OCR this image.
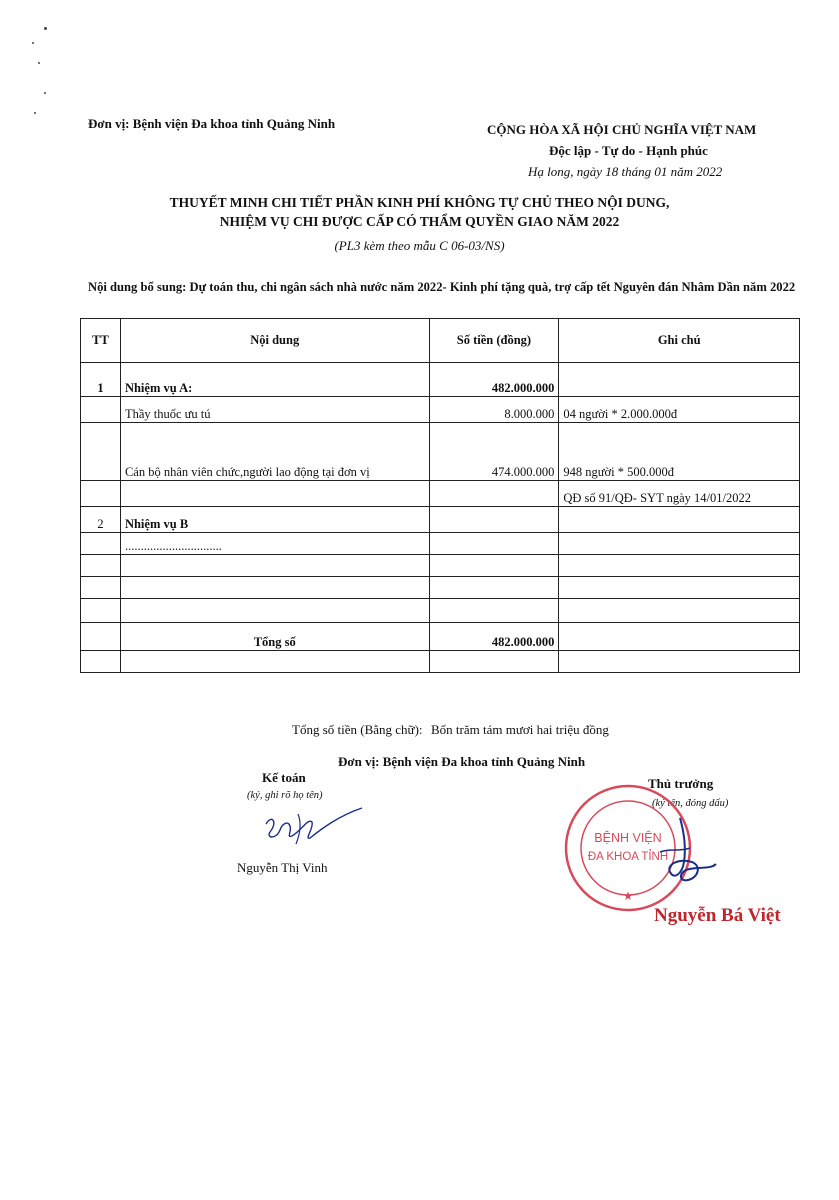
Đơn vị: Bệnh viện Đa khoa tỉnh Quảng Ninh	CỘNG HÒA XÃ HỘI CHỦ NGHĨA VIỆT NAM
Độc lập - Tự do - Hạnh phúc
Hạ long, ngày 18 tháng 01 năm 2022
THUYẾT MINH CHI TIẾT PHẦN KINH PHÍ KHÔNG TỰ CHỦ THEO NỘI DUNG,
NHIỆM VỤ CHI ĐƯỢC CẤP CÓ THẨM QUYỀN GIAO NĂM 2022
(PL3 kèm theo mẫu C 06-03/NS)
Nội dung bổ sung: Dự toán thu, chi ngân sách nhà nước năm 2022- Kinh phí tặng quà, trợ cấp tết Nguyên đán Nhâm Dần năm 2022
TT	Nội dung	Số tiền (đồng)	Ghi chú
1	Nhiệm vụ A:	482.000.000	
	Thầy thuốc ưu tú	8.000.000	04 người * 2.000.000đ
	Cán bộ nhân viên chức,người lao động tại đơn vị	474.000.000	948 người * 500.000đ
			QĐ số 91/QĐ- SYT ngày 14/01/2022
2	Nhiệm vụ B		
	...............................		

	Tổng số	482.000.000	

Tổng số tiền (Bằng chữ): Bốn trăm tám mươi hai triệu đồng
Đơn vị: Bệnh viện Đa khoa tỉnh Quảng Ninh
Kế toán
(ký, ghi rõ họ tên)
Nguyễn Thị Vinh
Thủ trưởng
(ký tên, đóng dấu)
BỆNH VIỆN
ĐA KHOA TỈNH
★
Nguyễn Bá Việt
